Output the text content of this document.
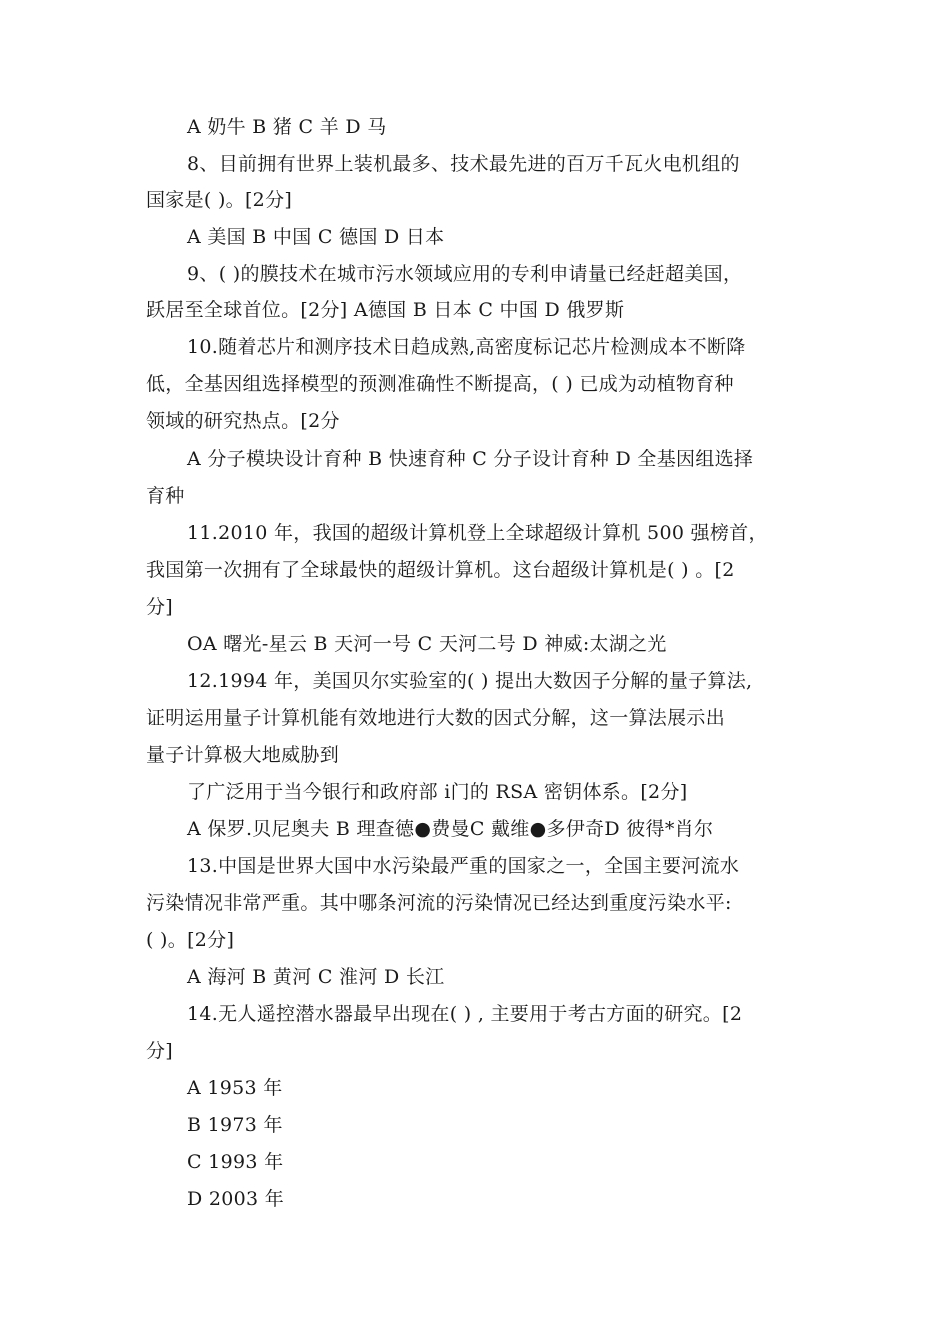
A 奶牛 B 猪 C 羊 D 马
8、目前拥有世界上装机最多、技术最先进的百万千瓦火电机组的
国家是( )。[2分]
A 美国 B 中国 C 德国 D 日本
9、( )的膜技术在城市污水领域应用的专利申请量已经赶超美国，
跃居至全球首位。[2分] A德国 B 日本 C 中国 D 俄罗斯
10.随着芯片和测序技术日趋成熟,高密度标记芯片检测成本不断降
低，全基因组选择模型的预测准确性不断提高，( ) 已成为动植物育种
领域的研究热点。[2分
A 分子模块设计育种 B 快速育种 C 分子设计育种 D 全基因组选择
育种
11.2010 年，我国的超级计算机登上全球超级计算机 500 强榜首，
我国第一次拥有了全球最快的超级计算机。这台超级计算机是( ) 。[2
分]
OA 曙光-星云 B 天河一号 C 天河二号 D 神威:太湖之光
12.1994 年，美国贝尔实验室的( ) 提出大数因子分解的量子算法,
证明运用量子计算机能有效地进行大数的因式分解，这一算法展示出
量子计算极大地威胁到
了广泛用于当今银行和政府部 i门的 RSA 密钥体系。[2分]
A 保罗.贝尼奥夫 B 理查德●费曼C 戴维●多伊奇D 彼得*肖尔
13.中国是世界大国中水污染最严重的国家之一，全国主要河流水
污染情况非常严重。其中哪条河流的污染情况已经达到重度污染水平:
( )。[2分]
A 海河 B 黄河 C 淮河 D 长江
14.无人遥控潜水器最早出现在( ) , 主要用于考古方面的研究。[2
分]
A 1953 年
B 1973 年
C 1993 年
D 2003 年
